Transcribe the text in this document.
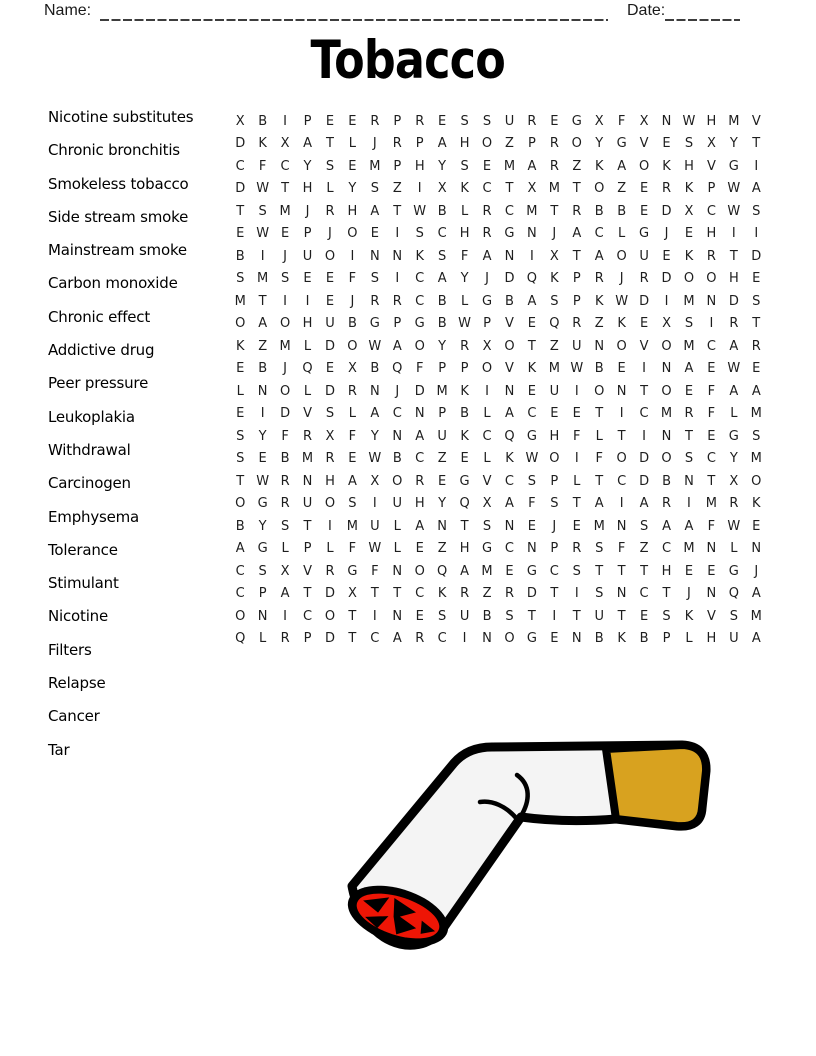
Name:	Date:
Tobacco
Nicotine substitutes
Chronic bronchitis
Smokeless tobacco
Side stream smoke
Mainstream smoke
Carbon monoxide
Chronic effect
Addictive drug
Peer pressure
Leukoplakia
Withdrawal
Carcinogen
Emphysema
Tolerance
Stimulant
Nicotine
Filters
Relapse
Cancer
Tar
X	B	I	P	E	E	R	P	R	E	S	S	U	R	E	G X	F	X	N W H M V
D	K	X	A	T	L	J	R	P	A	H O Z	P	R O	Y	G V	E	S	X	Y	T
C	F	C	Y	S	E M P	H	Y	S	E M A	R	Z	K	A O	K	H	V G	I
D W T	H	L	Y	S	Z	I	X	K	C	T	X M T	O Z	E	R	K	P W A
T	S M	J	R	H	A	T W B	L	R	C M T	R	B	B	E	D X	C W S
E W E	P	J	O	E	I	S	C	H	R G N	J	A	C	L	G	J	E	H	I	I
B	I	J	U O	I	N N	K	S	F	A	N	I	X	T	A O U	E	K	R	T	D
S M S	E	E	F	S	I	C	A	Y	J	D Q	K	P	R	J	R D O O H	E
M T	I	I	E	J	R	R	C	B	L	G B	A	S	P	K W D	I	M N D	S
O A O H U	B G	P	G B W P	V	E	Q R	Z	K	E	X	S	I	R	T
K	Z M	L	D O W A O	Y	R	X O	T	Z	U N O V O M C	A	R
E	B	J	Q	E	X	B Q	F	P	P	O V	K M W B	E	I	N	A	E W E
L	N O	L	D R	N	J	D M K	I	N	E	U	I	O N	T	O	E	F	A	A
E	I	D V	S	L	A	C	N	P	B	L	A	C	E	E	T	I	C M R	F	L	M
S	Y	F	R	X	F	Y	N	A	U	K	C Q G H	F	L	T	I	N	T	E	G	S
S	E	B M R	E W B	C	Z	E	L	K W O	I	F	O D O	S	C	Y M
T W R	N H	A	X O R	E	G V	C	S	P	L	T	C D B	N	T	X O
O G R	U O	S	I	U H	Y	Q X	A	F	S	T	A	I	A	R	I	M R	K
B	Y	S	T	I	M U	L	A	N	T	S	N	E	J	E M N	S	A	A	F W E
A G	L	P	L	F W L	E	Z	H G C	N	P	R	S	F	Z	C M N	L	N
C	S	X	V	R G	F	N O Q A M E	G C	S	T	T	T	H	E	E	G	J
C	P	A	T	D X	T	T	C	K	R	Z	R D	T	I	S	N	C	T	J	N Q A
O N	I	C O	T	I	N	E	S	U	B	S	T	I	T	U	T	E	S	K	V	S M
Q	L	R	P	D	T	C	A	R	C	I	N O G	E	N	B	K	B	P	L	H U	A
